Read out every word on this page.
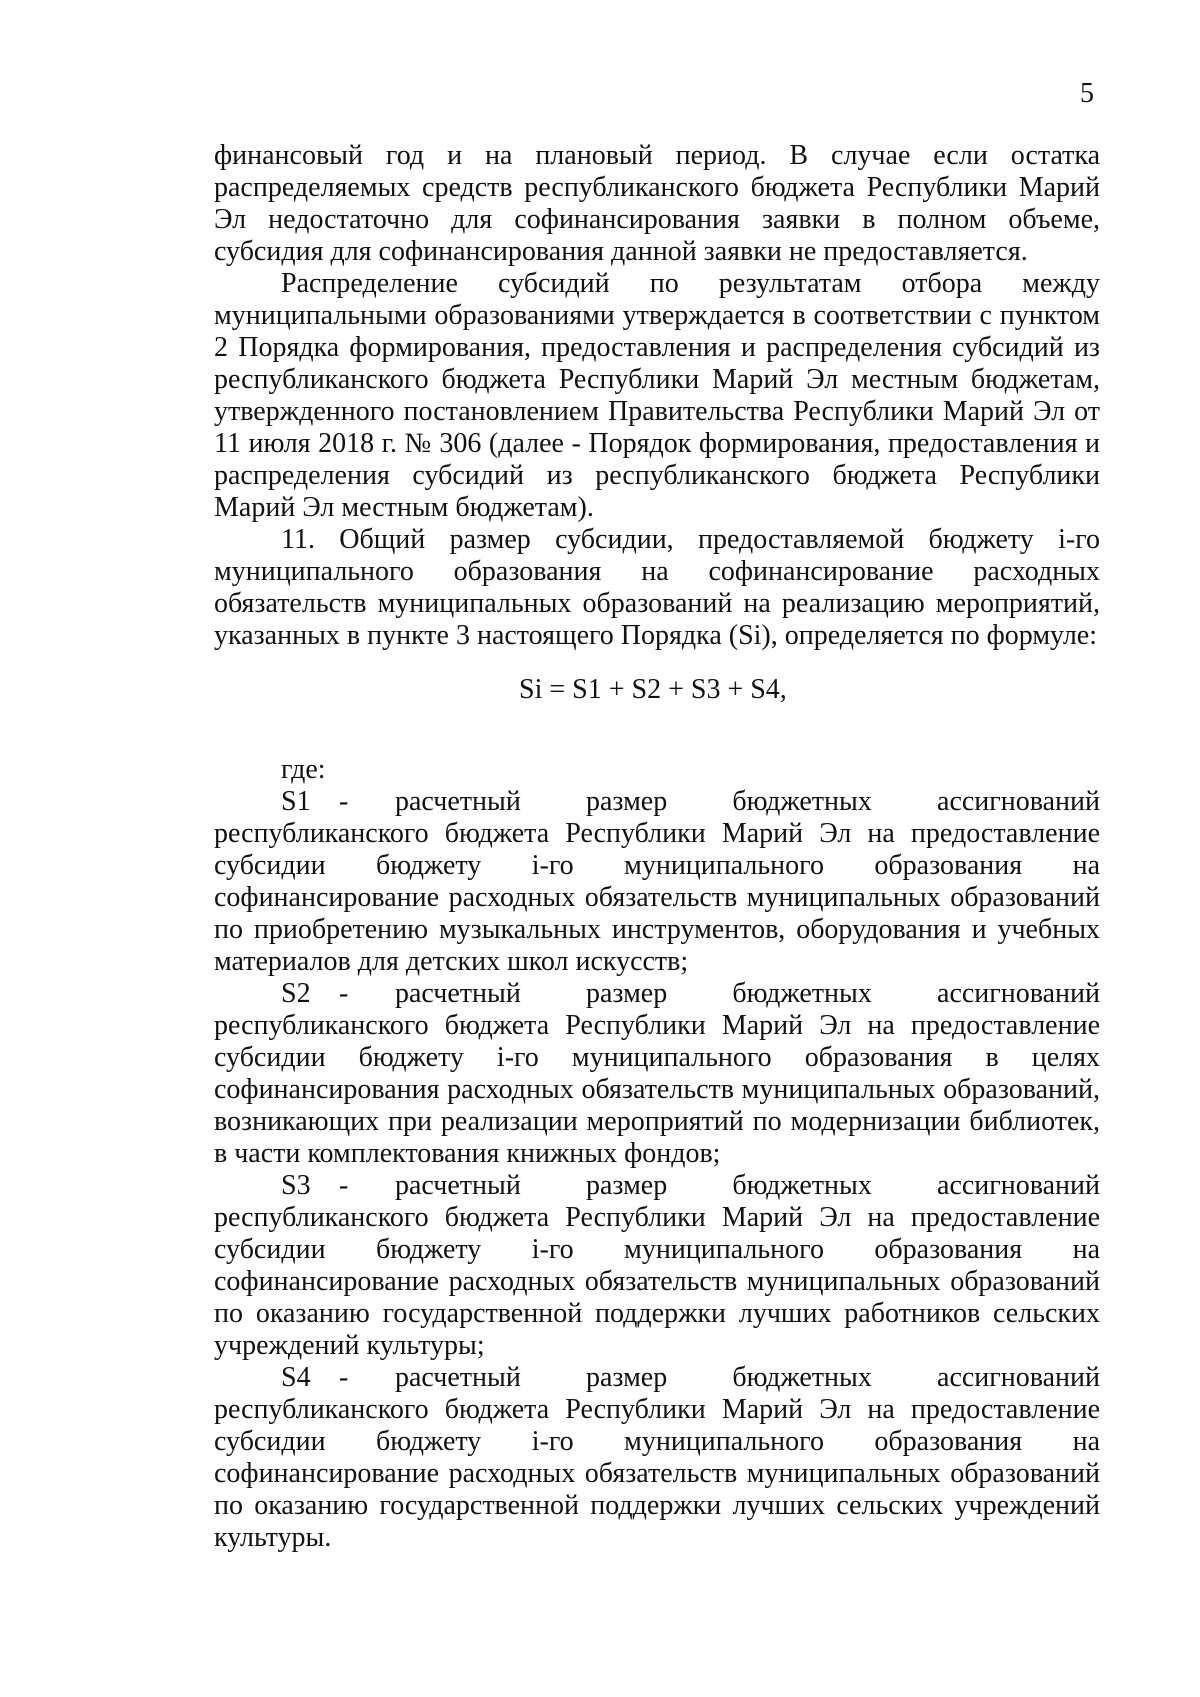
5

финансовый год и на плановый период. В случае если остатка распределяемых средств республиканского бюджета Республики Марий Эл недостаточно для софинансирования заявки в полном объеме, субсидия для софинансирования данной заявки не предоставляется.

Распределение субсидий по результатам отбора между муниципальными образованиями утверждается в соответствии с пунктом 2 Порядка формирования, предоставления и распределения субсидий из республиканского бюджета Республики Марий Эл местным бюджетам, утвержденного постановлением Правительства Республики Марий Эл от 11 июля 2018 г. № 306 (далее - Порядок формирования, предоставления и распределения субсидий из республиканского бюджета Республики Марий Эл местным бюджетам).

11. Общий размер субсидии, предоставляемой бюджету i-го муниципального образования на софинансирование расходных обязательств муниципальных образований на реализацию мероприятий, указанных в пункте 3 настоящего Порядка (Si), определяется по формуле:

Si = S1 + S2 + S3 + S4,

где:

S1 - расчетный размер бюджетных ассигнований республиканского бюджета Республики Марий Эл на предоставление субсидии бюджету i-го муниципального образования на софинансирование расходных обязательств муниципальных образований по приобретению музыкальных инструментов, оборудования и учебных материалов для детских школ искусств;

S2 - расчетный размер бюджетных ассигнований республиканского бюджета Республики Марий Эл на предоставление субсидии бюджету i-го муниципального образования в целях софинансирования расходных обязательств муниципальных образований, возникающих при реализации мероприятий по модернизации библиотек, в части комплектования книжных фондов;

S3 - расчетный размер бюджетных ассигнований республиканского бюджета Республики Марий Эл на предоставление субсидии бюджету i-го муниципального образования на софинансирование расходных обязательств муниципальных образований по оказанию государственной поддержки лучших работников сельских учреждений культуры;

S4 - расчетный размер бюджетных ассигнований республиканского бюджета Республики Марий Эл на предоставление субсидии бюджету i-го муниципального образования на софинансирование расходных обязательств муниципальных образований по оказанию государственной поддержки лучших сельских учреждений культуры.
